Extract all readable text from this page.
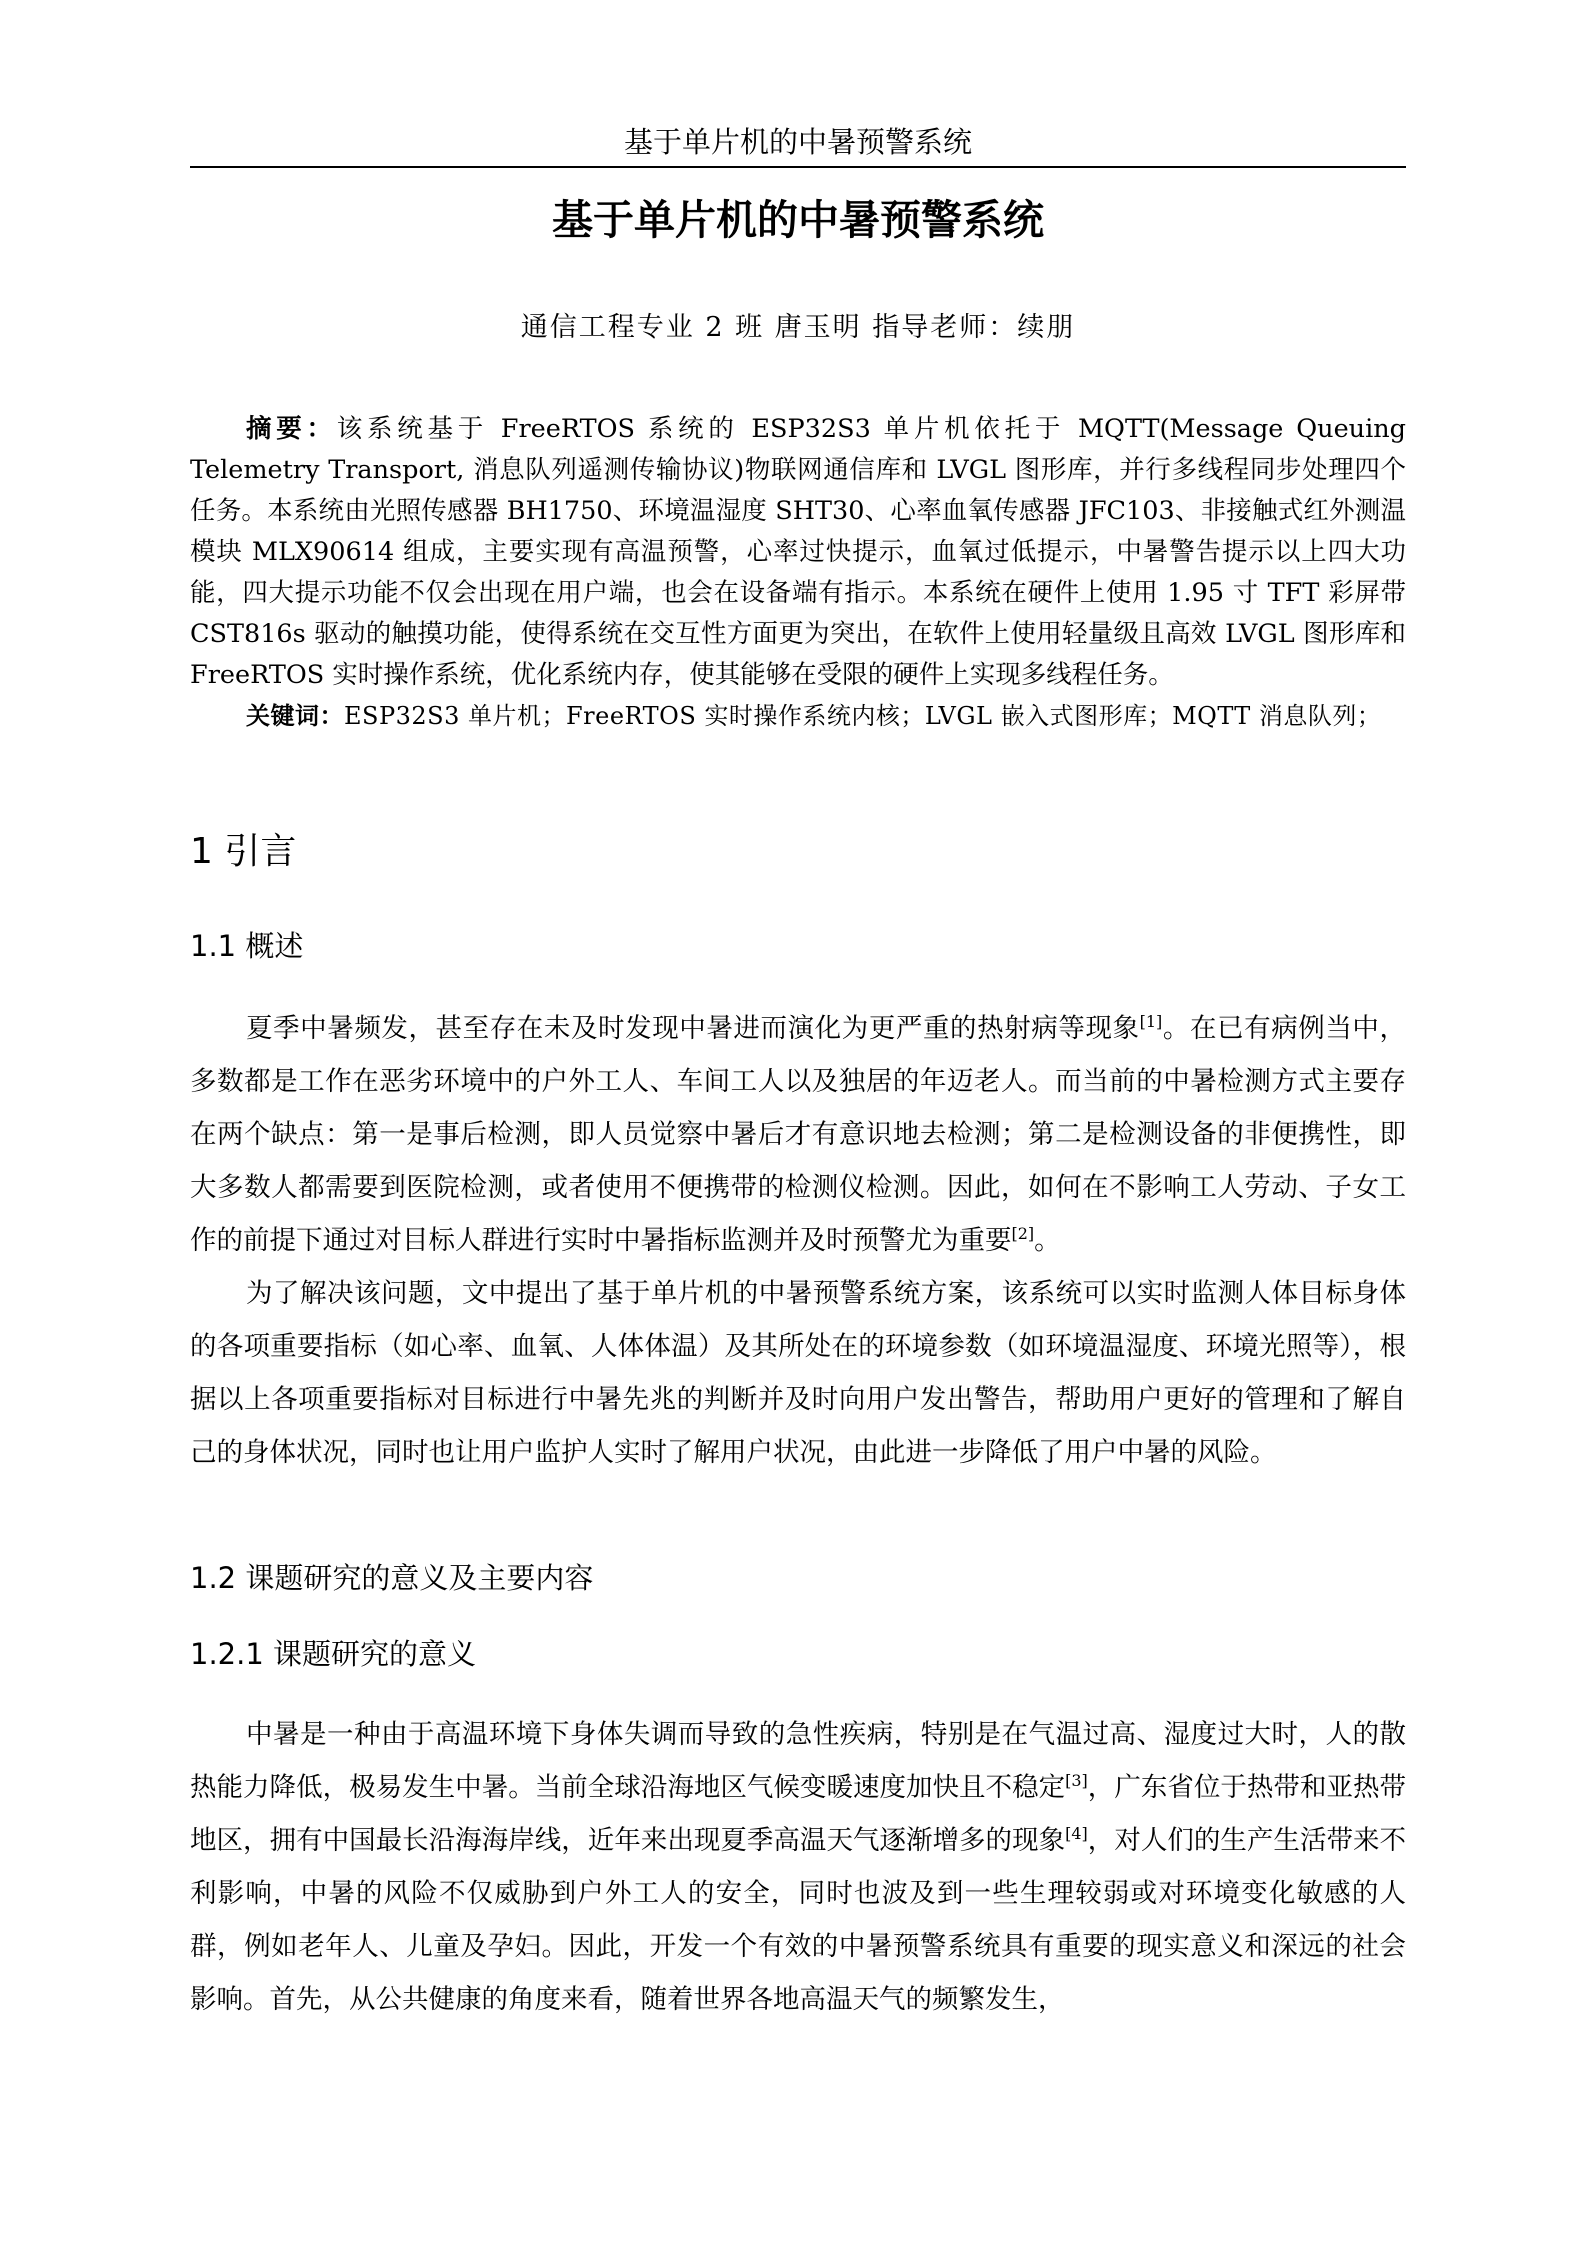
基于单片机的中暑预警系统
基于单片机的中暑预警系统
通信工程专业 2 班 唐玉明 指导老师：续朋

摘要：该系统基于 FreeRTOS 系统的 ESP32S3 单片机依托于 MQTT(Message Queuing Telemetry Transport, 消息队列遥测传输协议)物联网通信库和 LVGL 图形库，并行多线程同步处理四个任务。本系统由光照传感器 BH1750、环境温湿度 SHT30、心率血氧传感器 JFC103、非接触式红外测温模块 MLX90614 组成，主要实现有高温预警，心率过快提示，血氧过低提示，中暑警告提示以上四大功能，四大提示功能不仅会出现在用户端，也会在设备端有指示。本系统在硬件上使用 1.95 寸 TFT 彩屏带 CST816s 驱动的触摸功能，使得系统在交互性方面更为突出，在软件上使用轻量级且高效 LVGL 图形库和 FreeRTOS 实时操作系统，优化系统内存，使其能够在受限的硬件上实现多线程任务。

关键词：ESP32S3 单片机；FreeRTOS 实时操作系统内核；LVGL 嵌入式图形库；MQTT 消息队列；

1 引言
1.1 概述

夏季中暑频发，甚至存在未及时发现中暑进而演化为更严重的热射病等现象[1]。在已有病例当中，多数都是工作在恶劣环境中的户外工人、车间工人以及独居的年迈老人。而当前的中暑检测方式主要存在两个缺点：第一是事后检测，即人员觉察中暑后才有意识地去检测；第二是检测设备的非便携性，即大多数人都需要到医院检测，或者使用不便携带的检测仪检测。因此，如何在不影响工人劳动、子女工作的前提下通过对目标人群进行实时中暑指标监测并及时预警尤为重要[2]。

为了解决该问题，文中提出了基于单片机的中暑预警系统方案，该系统可以实时监测人体目标身体的各项重要指标（如心率、血氧、人体体温）及其所处在的环境参数（如环境温湿度、环境光照等），根据以上各项重要指标对目标进行中暑先兆的判断并及时向用户发出警告，帮助用户更好的管理和了解自己的身体状况，同时也让用户监护人实时了解用户状况，由此进一步降低了用户中暑的风险。

1.2 课题研究的意义及主要内容
1.2.1 课题研究的意义

中暑是一种由于高温环境下身体失调而导致的急性疾病，特别是在气温过高、湿度过大时，人的散热能力降低，极易发生中暑。当前全球沿海地区气候变暖速度加快且不稳定[3]，广东省位于热带和亚热带地区，拥有中国最长沿海海岸线，近年来出现夏季高温天气逐渐增多的现象[4]，对人们的生产生活带来不利影响，中暑的风险不仅威胁到户外工人的安全，同时也波及到一些生理较弱或对环境变化敏感的人群，例如老年人、儿童及孕妇。因此，开发一个有效的中暑预警系统具有重要的现实意义和深远的社会影响。首先，从公共健康的角度来看，随着世界各地高温天气的频繁发生，
